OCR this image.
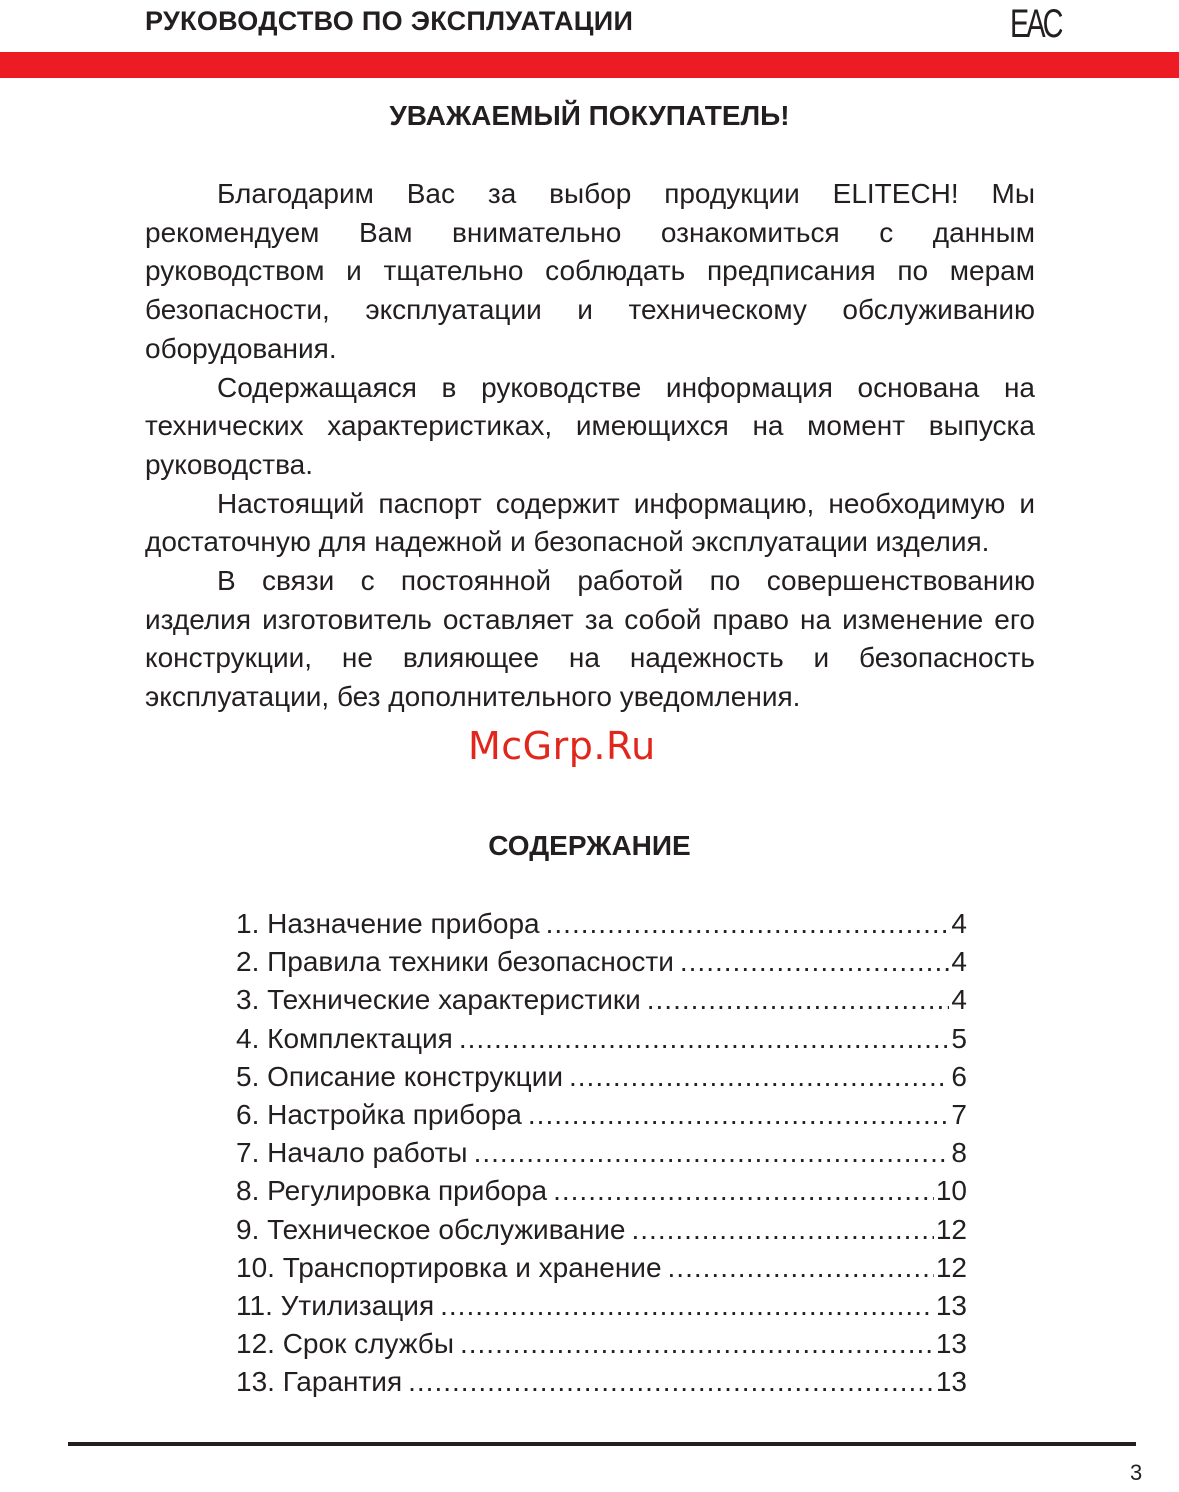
РУКОВОДСТВО ПО ЭКСПЛУАТАЦИИ	EAC
УВАЖАЕМЫЙ ПОКУПАТЕЛЬ!

Благодарим Вас за выбор продукции ELITECH! Мы рекомендуем Вам внимательно ознакомиться с данным руководством и тщательно соблюдать предписания по мерам безопасности, эксплуатации и техническому обслуживанию оборудования.

Содержащаяся в руководстве информация основана на технических характеристиках, имеющихся на момент выпуска руководства.

Настоящий паспорт содержит информацию, необходимую и достаточную для надежной и безопасной эксплуатации изделия.

В связи с постоянной работой по совершенствованию изделия изготовитель оставляет за собой право на изменение его конструкции, не влияющее на надежность и безопасность эксплуатации, без дополнительного уведомления.

McGrp.Ru
СОДЕРЖАНИЕ
1. Назначение прибора .....	4
2. Правила техники безопасности .....	4
3. Технические характеристики .....	4
4. Комплектация .....	5
5. Описание конструкции .....	6
6. Настройка прибора .....	7
7. Начало работы .....	8
8. Регулировка прибора .....	10
9. Техническое обслуживание .....	12
10. Транспортировка и хранение .....	12
11. Утилизация .....	13
12. Срок службы .....	13
13. Гарантия .....	13
3
